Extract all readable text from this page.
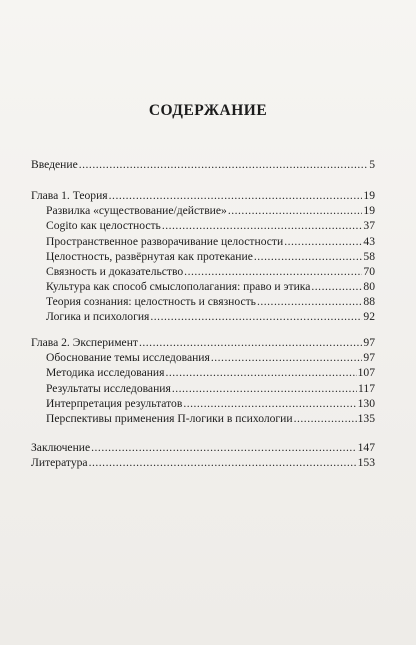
СОДЕРЖАНИЕ
Введение .....	5
Глава 1. Теория .....	19
Развилка «существование/действие» .....	19
Cogito как целостность .....	37
Пространственное разворачивание целостности .....	43
Целостность, развёрнутая как протекание .....	58
Связность и доказательство .....	70
Культура как способ смыслополагания: право и этика .....	80
Теория сознания: целостность и связность .....	88
Логика и психология .....	92
Глава 2. Эксперимент .....	97
Обоснование темы исследования .....	97
Методика исследования .....	107
Результаты исследования .....	117
Интерпретация результатов .....	130
Перспективы применения П-логики в психологии .....	135
Заключение .....	147
Литература .....	153
